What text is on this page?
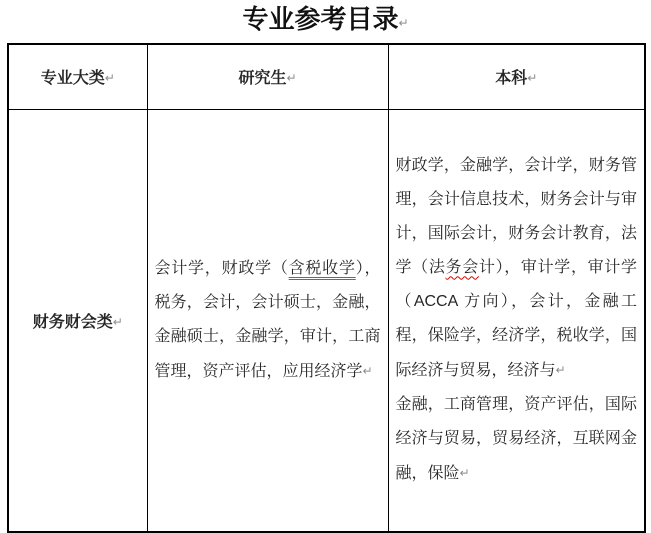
专业参考目录↵
专业大类↵	研究生↵	本科↵
财务财会类↵	会计学，财政学（含税收学），税务，会计，会计硕士，金融，金融硕士，金融学，审计，工商管理，资产评估，应用经济学↵	财政学，金融学，会计学，财务管理，会计信息技术，财务会计与审计，国际会计，财务会计教育，法学（法务会计），审计学，审计学（ACCA 方向），会计，金融工程，保险学，经济学，税收学，国际经济与贸易，经济与↵
金融，工商管理，资产评估，国际经济与贸易，贸易经济，互联网金融，保险↵
